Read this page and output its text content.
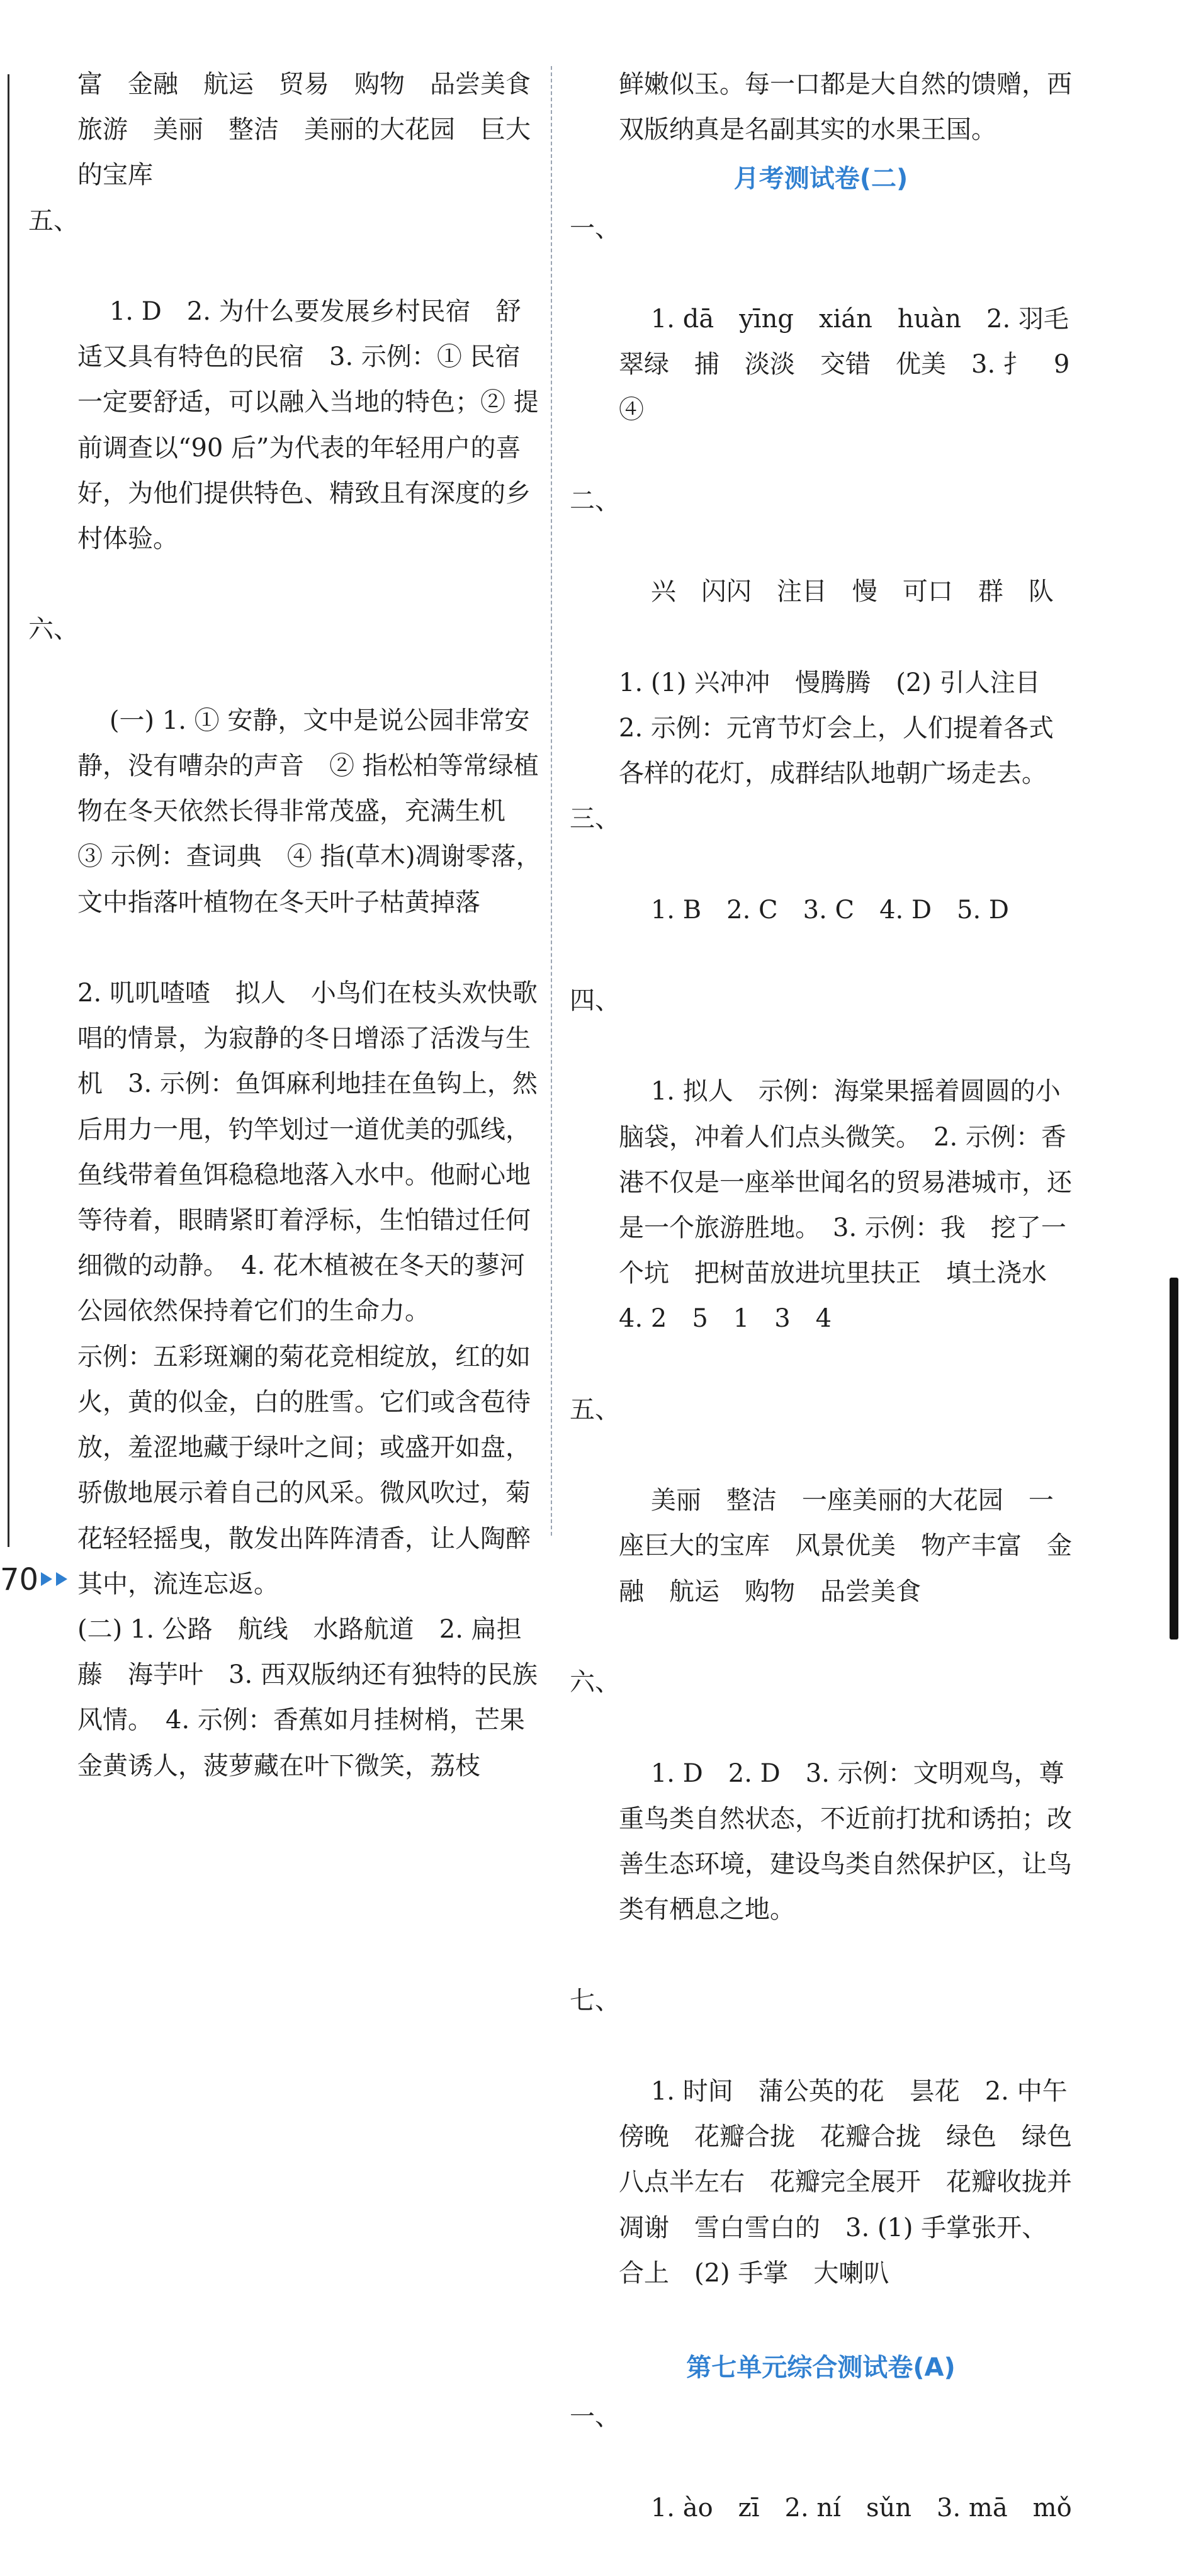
富　金融　航运　贸易　购物　品尝美食　旅游　美丽　整洁　美丽的大花园　巨大的宝库

五、

1. D　2. 为什么要发展乡村民宿　舒适又具有特色的民宿　3. 示例：① 民宿一定要舒适，可以融入当地的特色；② 提前调查以“90 后”为代表的年轻用户的喜好，为他们提供特色、精致且有深度的乡村体验。

六、

(一) 1. ① 安静，文中是说公园非常安静，没有嘈杂的声音　② 指松柏等常绿植物在冬天依然长得非常茂盛，充满生机　③ 示例：查词典　④ 指(草木)凋谢零落，文中指落叶植物在冬天叶子枯黄掉落

2. 叽叽喳喳　拟人　小鸟们在枝头欢快歌唱的情景，为寂静的冬日增添了活泼与生机　3. 示例：鱼饵麻利地挂在鱼钩上，然后用力一甩，钓竿划过一道优美的弧线，鱼线带着鱼饵稳稳地落入水中。他耐心地等待着，眼睛紧盯着浮标，生怕错过任何细微的动静。　4. 花木植被在冬天的蓼河公园依然保持着它们的生命力。
示例：五彩斑斓的菊花竞相绽放，红的如火，黄的似金，白的胜雪。它们或含苞待放，羞涩地藏于绿叶之间；或盛开如盘，骄傲地展示着自己的风采。微风吹过，菊花轻轻摇曳，散发出阵阵清香，让人陶醉其中，流连忘返。
(二) 1. 公路　航线　水路航道　2. 扁担藤　海芋叶　3. 西双版纳还有独特的民族风情。　4. 示例：香蕉如月挂树梢，芒果金黄诱人，菠萝藏在叶下微笑，荔枝
鲜嫩似玉。每一口都是大自然的馈赠，西双版纳真是名副其实的水果王国。
月考测试卷(二)

一、

1. dā　yīng　xián　huàn　2. 羽毛　翠绿　捕　淡淡　交错　优美　3. 扌　9　④

二、

兴　闪闪　注目　慢　可口　群　队

1. (1) 兴冲冲　慢腾腾　(2) 引人注目
2. 示例：元宵节灯会上，人们提着各式各样的花灯，成群结队地朝广场走去。

三、

1. B　2. C　3. C　4. D　5. D

四、

1. 拟人　示例：海棠果摇着圆圆的小脑袋，冲着人们点头微笑。　2. 示例：香港不仅是一座举世闻名的贸易港城市，还是一个旅游胜地。　3. 示例：我　挖了一个坑　把树苗放进坑里扶正　填土浇水　4. 2　5　1　3　4

五、

美丽　整洁　一座美丽的大花园　一座巨大的宝库　风景优美　物产丰富　金融　航运　购物　品尝美食

六、

1. D　2. D　3. 示例：文明观鸟，尊重鸟类自然状态，不近前打扰和诱拍；改善生态环境，建设鸟类自然保护区，让鸟类有栖息之地。

七、

1. 时间　蒲公英的花　昙花　2. 中午　傍晚　花瓣合拢　花瓣合拢　绿色　绿色　八点半左右　花瓣完全展开　花瓣收拢并凋谢　雪白雪白的　3. (1) 手掌张开、合上　(2) 手掌　大喇叭

第七单元综合测试卷(A)

一、

1. ào　zī　2. ní　sǔn　3. mā　mǒ

70
